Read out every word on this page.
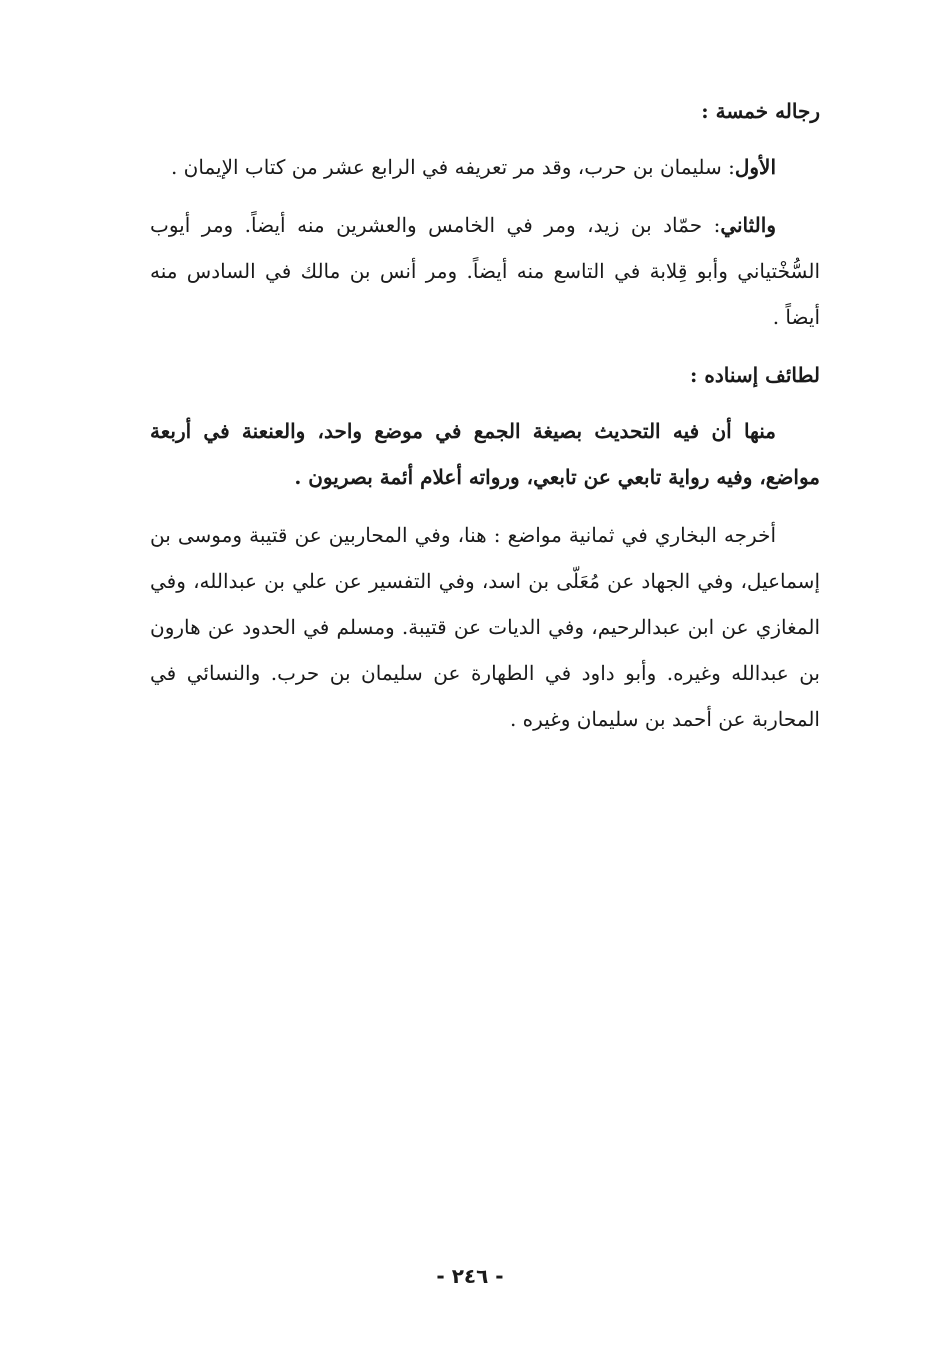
رجاله خمسة :

الأول: سليمان بن حرب، وقد مر تعريفه في الرابع عشر من كتاب الإيمان .

والثاني: حمّاد بن زيد، ومر في الخامس والعشرين منه أيضاً. ومر أيوب السُّخْتياني وأبو قِلابة في التاسع منه أيضاً. ومر أنس بن مالك في السادس منه أيضاً .

لطائف إسناده :

منها أن فيه التحديث بصيغة الجمع في موضع واحد، والعنعنة في أربعة مواضع، وفيه رواية تابعي عن تابعي، ورواته أعلام أئمة بصريون .

أخرجه البخاري في ثمانية مواضع : هنا، وفي المحاربين عن قتيبة وموسى بن إسماعيل، وفي الجهاد عن مُعَلّى بن اسد، وفي التفسير عن علي بن عبدالله، وفي المغازي عن ابن عبدالرحيم، وفي الديات عن قتيبة. ومسلم في الحدود عن هارون بن عبدالله وغيره. وأبو داود في الطهارة عن سليمان بن حرب. والنسائي في المحاربة عن أحمد بن سليمان وغيره .

- ٢٤٦ -
